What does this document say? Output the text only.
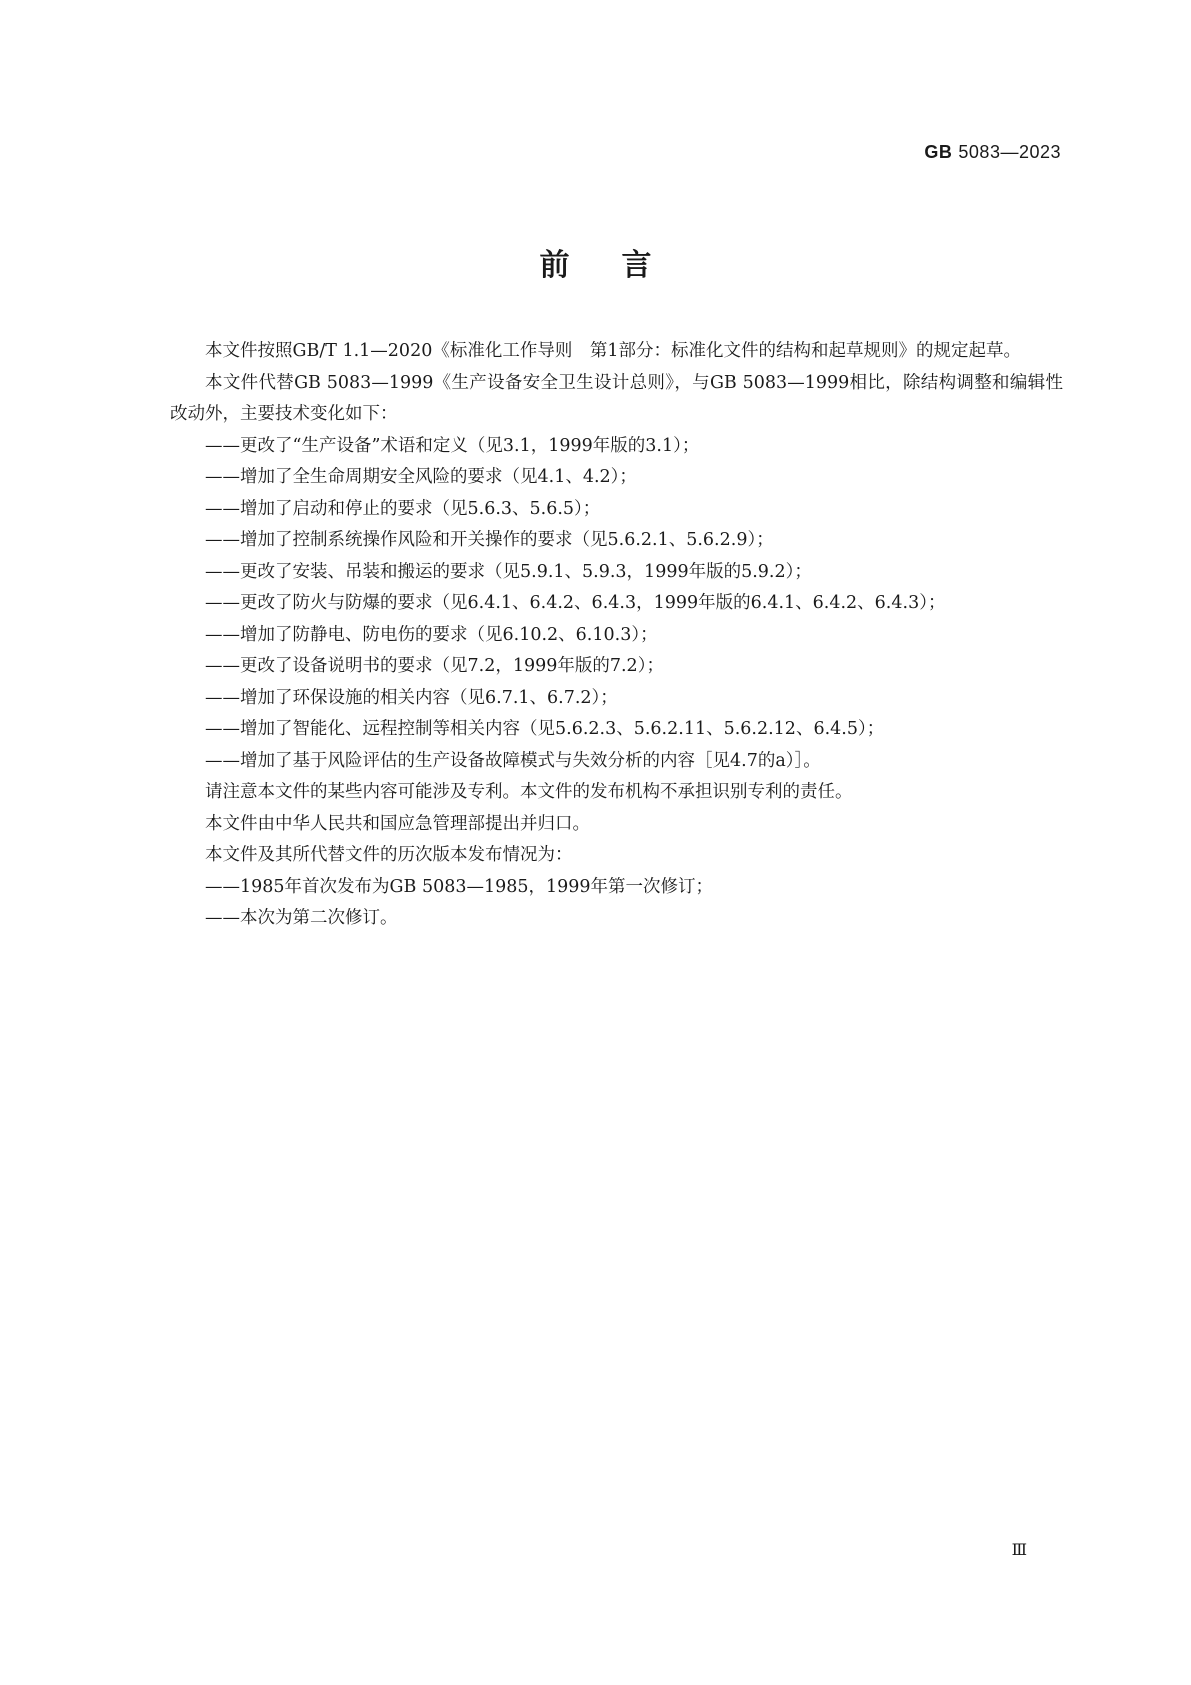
GB 5083—2023
前言

本文件按照GB/T 1.1—2020《标准化工作导则　第1部分：标准化文件的结构和起草规则》的规定起草。

本文件代替GB 5083—1999《生产设备安全卫生设计总则》，与GB 5083—1999相比，除结构调整和编辑性改动外，主要技术变化如下：

——更改了“生产设备”术语和定义（见3.1，1999年版的3.1）；

——增加了全生命周期安全风险的要求（见4.1、4.2）；

——增加了启动和停止的要求（见5.6.3、5.6.5）；

——增加了控制系统操作风险和开关操作的要求（见5.6.2.1、5.6.2.9）；

——更改了安装、吊装和搬运的要求（见5.9.1、5.9.3，1999年版的5.9.2）；

——更改了防火与防爆的要求（见6.4.1、6.4.2、6.4.3，1999年版的6.4.1、6.4.2、6.4.3）；

——增加了防静电、防电伤的要求（见6.10.2、6.10.3）；

——更改了设备说明书的要求（见7.2，1999年版的7.2）；

——增加了环保设施的相关内容（见6.7.1、6.7.2）；

——增加了智能化、远程控制等相关内容（见5.6.2.3、5.6.2.11、5.6.2.12、6.4.5）；

——增加了基于风险评估的生产设备故障模式与失效分析的内容［见4.7的a）］。

请注意本文件的某些内容可能涉及专利。本文件的发布机构不承担识别专利的责任。

本文件由中华人民共和国应急管理部提出并归口。

本文件及其所代替文件的历次版本发布情况为：

——1985年首次发布为GB 5083—1985，1999年第一次修订；

——本次为第二次修订。

Ⅲ
